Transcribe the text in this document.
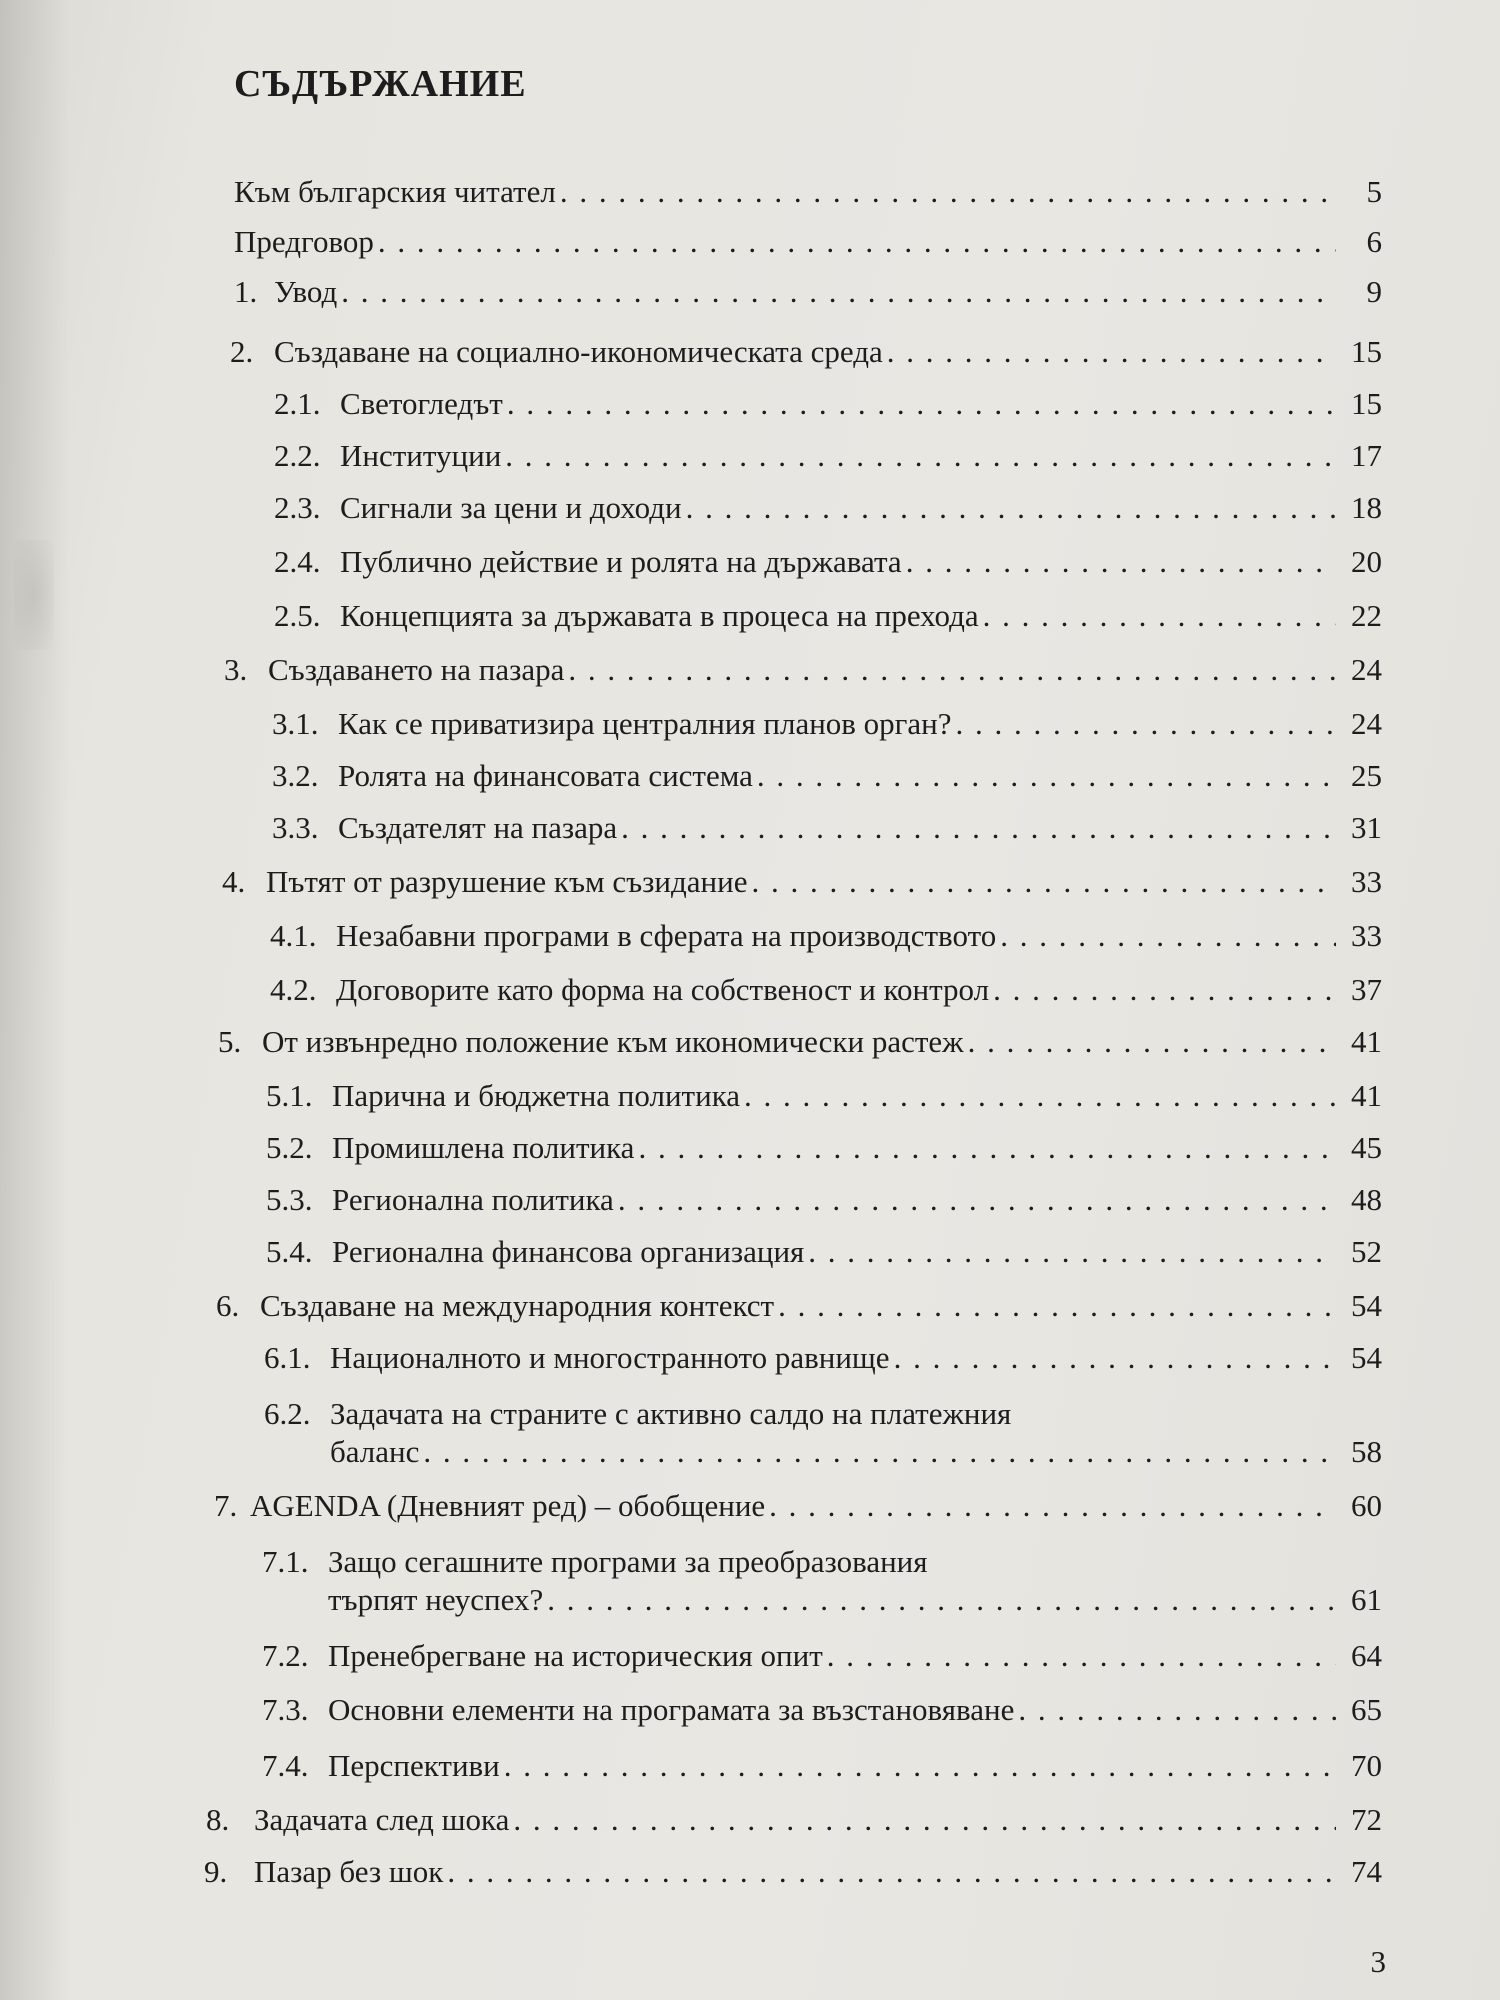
СЪДЪРЖАНИЕ
Към българския читател . . .	5
Предговор . . .	6
1. Увод . . .	9
2. Създаване на социално-икономическата среда . . .	15
2.1. Светогледът . . .	15
2.2. Институции . . .	17
2.3. Сигнали за цени и доходи . . .	18
2.4. Публично действие и ролята на държавата . . .	20
2.5. Концепцията за държавата в процеса на прехода . . .	22
3. Създаването на пазара . . .	24
3.1. Как се приватизира централния планов орган? . . .	24
3.2. Ролята на финансовата система . . .	25
3.3. Създателят на пазара . . .	31
4. Пътят от разрушение към съзидание . . .	33
4.1. Незабавни програми в сферата на производството . . .	33
4.2. Договорите като форма на собственост и контрол . . .	37
5. От извънредно положение към икономически растеж . . .	41
5.1. Парична и бюджетна политика . . .	41
5.2. Промишлена политика . . .	45
5.3. Регионална политика . . .	48
5.4. Регионална финансова организация . . .	52
6. Създаване на международния контекст . . .	54
6.1. Националното и многостранното равнище . . .	54
6.2. Задачата на страните с активно салдо на платежния
баланс . . .	58
7. AGENDA (Дневният ред) – обобщение . . .	60
7.1. Защо сегашните програми за преобразования
търпят неуспех? . . .	61
7.2. Пренебрегване на историческия опит . . .	64
7.3. Основни елементи на програмата за възстановяване . . .	65
7.4. Перспективи . . .	70
8. Задачата след шока . . .	72
9. Пазар без шок . . .	74
3
